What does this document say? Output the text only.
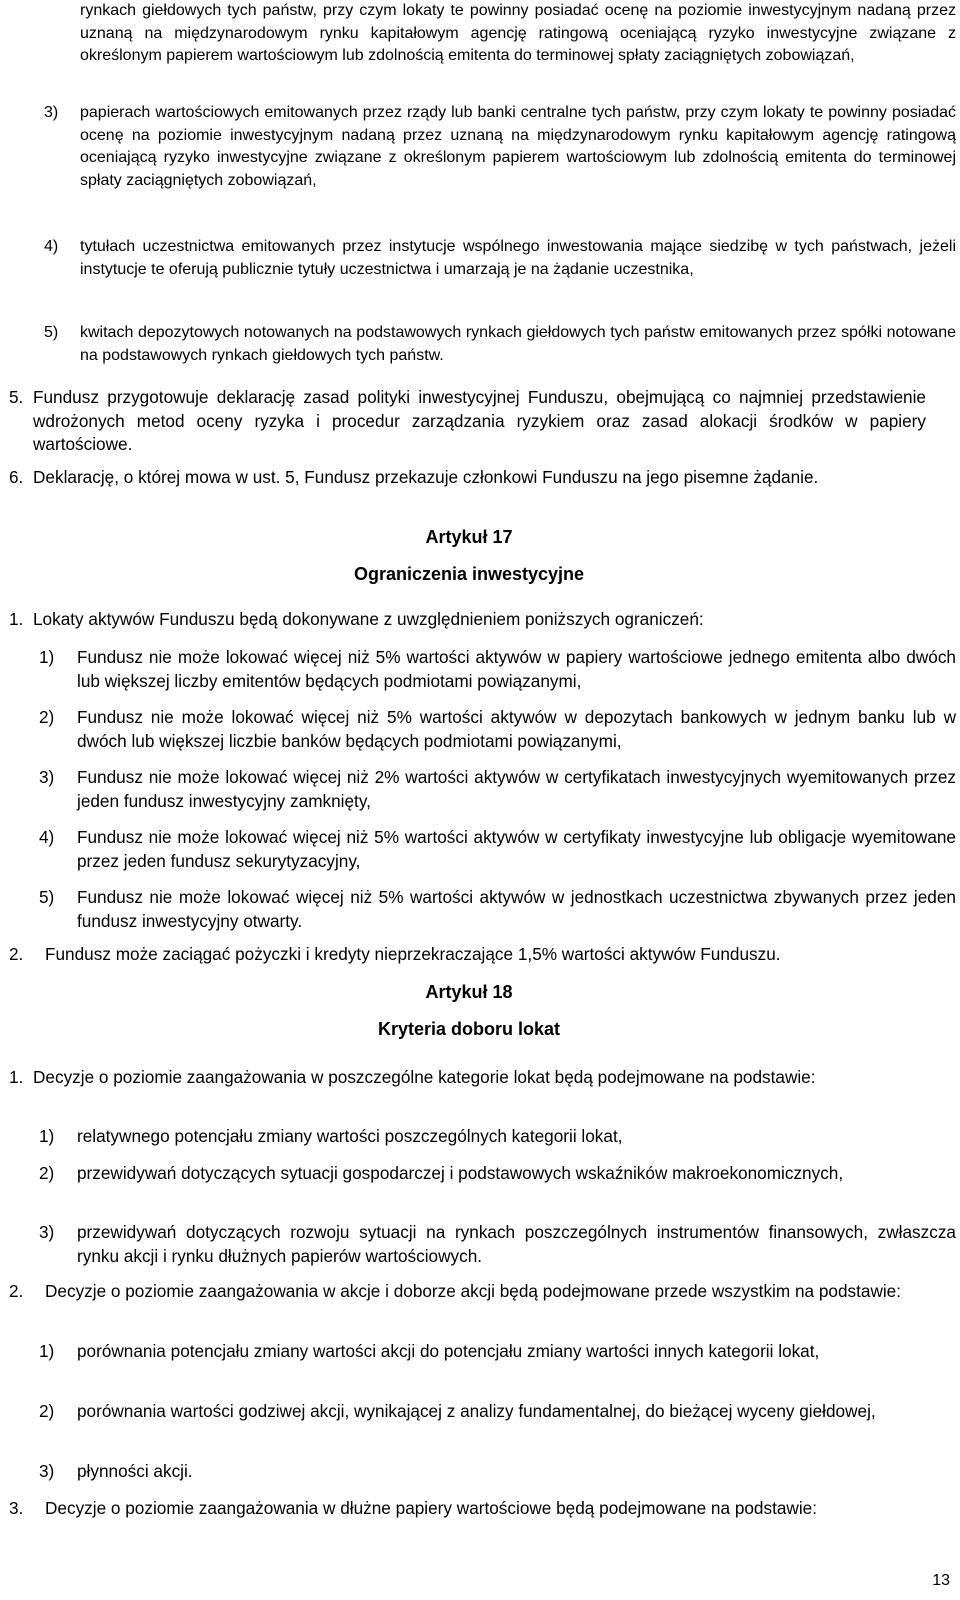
rynkach giełdowych tych państw, przy czym lokaty te powinny posiadać ocenę na poziomie inwestycyjnym nadaną przez uznaną na międzynarodowym rynku kapitałowym agencję ratingową oceniającą ryzyko inwestycyjne związane z określonym papierem wartościowym lub zdolnością emitenta do terminowej spłaty zaciągniętych zobowiązań,

3) papierach wartościowych emitowanych przez rządy lub banki centralne tych państw, przy czym lokaty te powinny posiadać ocenę na poziomie inwestycyjnym nadaną przez uznaną na międzynarodowym rynku kapitałowym agencję ratingową oceniającą ryzyko inwestycyjne związane z określonym papierem wartościowym lub zdolnością emitenta do terminowej spłaty zaciągniętych zobowiązań,

4) tytułach uczestnictwa emitowanych przez instytucje wspólnego inwestowania mające siedzibę w tych państwach, jeżeli instytucje te oferują publicznie tytuły uczestnictwa i umarzają je na żądanie uczestnika,

5) kwitach depozytowych notowanych na podstawowych rynkach giełdowych tych państw emitowanych przez spółki notowane na podstawowych rynkach giełdowych tych państw.

5. Fundusz przygotowuje deklarację zasad polityki inwestycyjnej Funduszu, obejmującą co najmniej przedstawienie wdrożonych metod oceny ryzyka i procedur zarządzania ryzykiem oraz zasad alokacji środków w papiery wartościowe.

6. Deklarację, o której mowa w ust. 5, Fundusz przekazuje członkowi Funduszu na jego pisemne żądanie.

Artykuł 17

Ograniczenia inwestycyjne

1. Lokaty aktywów Funduszu będą dokonywane z uwzględnieniem poniższych ograniczeń:

1) Fundusz nie może lokować więcej niż 5% wartości aktywów w papiery wartościowe jednego emitenta albo dwóch lub większej liczby emitentów będących podmiotami powiązanymi,

2) Fundusz nie może lokować więcej niż 5% wartości aktywów w depozytach bankowych w jednym banku lub w dwóch lub większej liczbie banków będących podmiotami powiązanymi,

3) Fundusz nie może lokować więcej niż 2% wartości aktywów w certyfikatach inwestycyjnych wyemitowanych przez jeden fundusz inwestycyjny zamknięty,

4) Fundusz nie może lokować więcej niż 5% wartości aktywów w certyfikaty inwestycyjne lub obligacje wyemitowane przez jeden fundusz sekurytyzacyjny,

5) Fundusz nie może lokować więcej niż 5% wartości aktywów w jednostkach uczestnictwa zbywanych przez jeden fundusz inwestycyjny otwarty.

2. Fundusz może zaciągać pożyczki i kredyty nieprzekraczające 1,5% wartości aktywów Funduszu.

Artykuł 18

Kryteria doboru lokat

1. Decyzje o poziomie zaangażowania w poszczególne kategorie lokat będą podejmowane na podstawie:

1) relatywnego potencjału zmiany wartości poszczególnych kategorii lokat,

2) przewidywań dotyczących sytuacji gospodarczej i podstawowych wskaźników makroekonomicznych,

3) przewidywań dotyczących rozwoju sytuacji na rynkach poszczególnych instrumentów finansowych, zwłaszcza rynku akcji i rynku dłużnych papierów wartościowych.

2. Decyzje o poziomie zaangażowania w akcje i doborze akcji będą podejmowane przede wszystkim na podstawie:

1) porównania potencjału zmiany wartości akcji do potencjału zmiany wartości innych kategorii lokat,

2) porównania wartości godziwej akcji, wynikającej z analizy fundamentalnej, do bieżącej wyceny giełdowej,

3) płynności akcji.

3. Decyzje o poziomie zaangażowania w dłużne papiery wartościowe będą podejmowane na podstawie:

13
